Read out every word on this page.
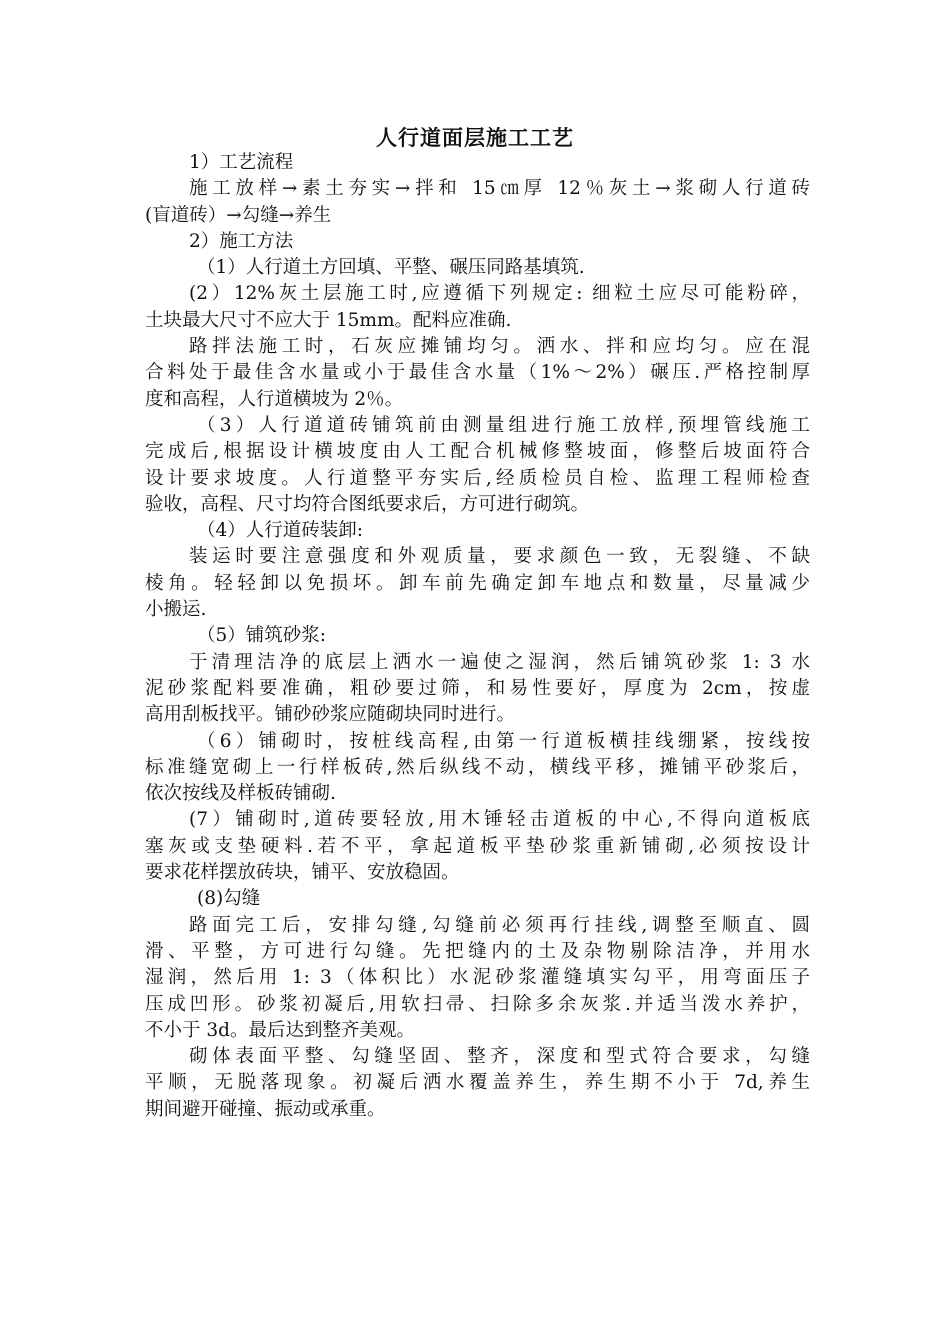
人行道面层施工工艺
1）工艺流程
施工放样→素土夯实→拌和 15㎝厚 12％灰土→浆砌人行道砖
(盲道砖）→勾缝→养生
2）施工方法
（1）人行道土方回填、平整、碾压同路基填筑.
(2）12%灰土层施工时,应遵循下列规定: 细粒土应尽可能粉碎，
土块最大尺寸不应大于 15mm。配料应准确.
路拌法施工时，石灰应摊铺均匀。洒水、拌和应均匀。应在混
合料处于最佳含水量或小于最佳含水量（1%～2%）碾压.严格控制厚
度和高程，人行道横坡为 2％。
（3）人行道道砖铺筑前由测量组进行施工放样,预埋管线施工
完成后,根据设计横坡度由人工配合机械修整坡面，修整后坡面符合
设计要求坡度。人行道整平夯实后,经质检员自检、监理工程师检查
验收，高程、尺寸均符合图纸要求后，方可进行砌筑。
（4）人行道砖装卸:
装运时要注意强度和外观质量，要求颜色一致，无裂缝、不缺
棱角。轻轻卸以免损坏。卸车前先确定卸车地点和数量，尽量减少
小搬运.
（5）铺筑砂浆:
于清理洁净的底层上洒水一遍使之湿润，然后铺筑砂浆 1: 3 水
泥砂浆配料要准确，粗砂要过筛，和易性要好，厚度为 2cm，按虚
高用刮板找平。铺砂砂浆应随砌块同时进行。
（6）铺砌时，按桩线高程,由第一行道板横挂线绷紧，按线按
标准缝宽砌上一行样板砖,然后纵线不动，横线平移，摊铺平砂浆后，
依次按线及样板砖铺砌.
(7）铺砌时,道砖要轻放,用木锤轻击道板的中心,不得向道板底
塞灰或支垫硬料.若不平，拿起道板平垫砂浆重新铺砌,必须按设计
要求花样摆放砖块，铺平、安放稳固。
(8)勾缝
路面完工后，安排勾缝,勾缝前必须再行挂线,调整至顺直、圆
滑、平整，方可进行勾缝。先把缝内的土及杂物剔除洁净，并用水
湿润，然后用 1: 3（体积比）水泥砂浆灌缝填实勾平，用弯面压子
压成凹形。砂浆初凝后,用软扫帚、扫除多余灰浆.并适当泼水养护，
不小于 3d。最后达到整齐美观。
砌体表面平整、勾缝坚固、整齐，深度和型式符合要求，勾缝
平顺，无脱落现象。初凝后洒水覆盖养生，养生期不小于 7d,养生
期间避开碰撞、振动或承重。
